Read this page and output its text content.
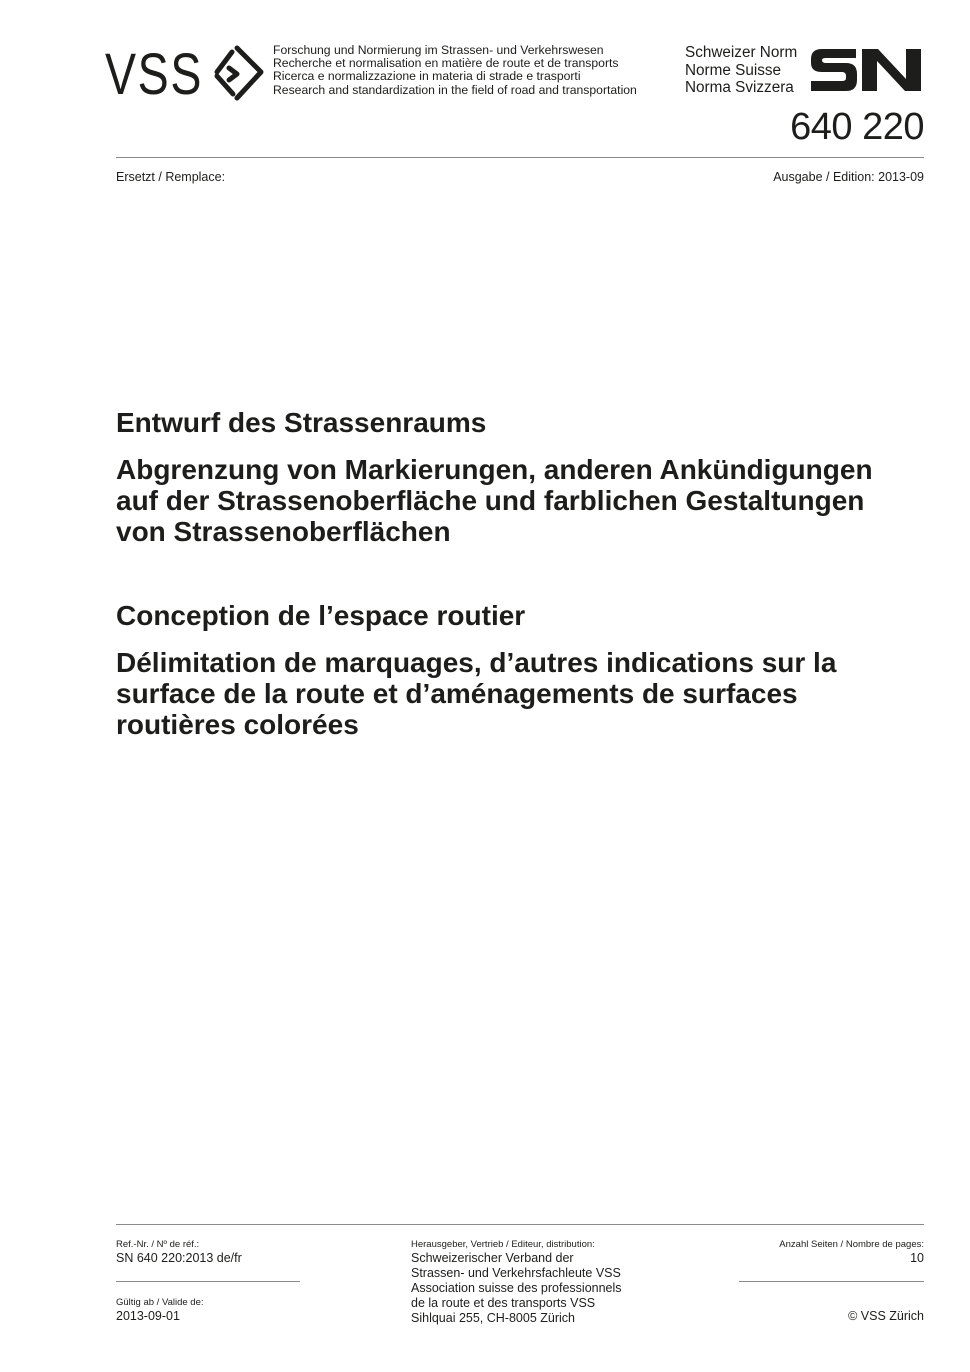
VSS	Forschung und Normierung im Strassen- und Verkehrswesen
Recherche et normalisation en matière de route et de transports
Ricerca e normalizzazione in materia di strade e trasporti
Research and standardization in the field of road and transportation
Schweizer Norm
Norme Suisse
Norma Svizzera
640 220
Ersetzt / Remplace:	Ausgabe / Edition: 2013-09
Entwurf des Strassenraums
Abgrenzung von Markierungen, anderen Ankündigungen
auf der Strassenoberfläche und farblichen Gestaltungen
von Strassenoberflächen
Conception de l’espace routier
Délimitation de marquages, d’autres indications sur la
surface de la route et d’aménagements de surfaces
routières colorées
Ref.-Nr. / Nº de réf.:
SN 640 220:2013 de/fr
Gültig ab / Valide de:
2013-09-01
Herausgeber, Vertrieb / Editeur, distribution:
Schweizerischer Verband der
Strassen- und Verkehrsfachleute VSS
Association suisse des professionnels
de la route et des transports VSS
Sihlquai 255, CH-8005 Zürich
Anzahl Seiten / Nombre de pages:
10
© VSS Zürich
